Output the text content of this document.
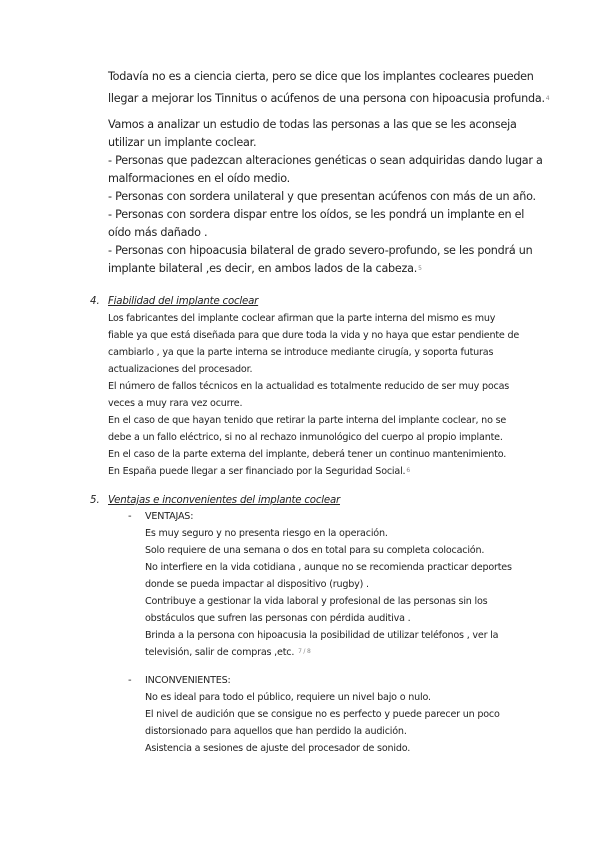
Todavía no es a ciencia cierta, pero se dice que los implantes cocleares pueden
llegar a mejorar los Tinnitus o acúfenos de una persona con hipoacusia profunda.$^4$
Vamos a analizar un estudio de todas las personas a las que se les aconseja
utilizar un implante coclear.
- Personas que padezcan alteraciones genéticas o sean adquiridas dando lugar a
malformaciones en el oído medio.
- Personas con sordera unilateral y que presentan acúfenos con más de un año.
- Personas con sordera dispar entre los oídos, se les pondrá un implante en el
oído más dañado .
- Personas con hipoacusia bilateral de grado severo-profundo, se les pondrá un
implante bilateral ,es decir, en ambos lados de la cabeza.$^5$
4. Fiabilidad del implante coclear
Los fabricantes del implante coclear afirman que la parte interna del mismo es muy
fiable ya que está diseñada para que dure toda la vida y no haya que estar pendiente de
cambiarlo , ya que la parte interna se introduce mediante cirugía, y soporta futuras
actualizaciones del procesador.
El número de fallos técnicos en la actualidad es totalmente reducido de ser muy pocas
veces a muy rara vez ocurre.
En el caso de que hayan tenido que retirar la parte interna del implante coclear, no se
debe a un fallo eléctrico, si no al rechazo inmunológico del cuerpo al propio implante.
En el caso de la parte externa del implante, deberá tener un continuo mantenimiento.
En España puede llegar a ser financiado por la Seguridad Social.$^6$
5. Ventajas e inconvenientes del implante coclear
- VENTAJAS:
Es muy seguro y no presenta riesgo en la operación.
Solo requiere de una semana o dos en total para su completa colocación.
No interfiere en la vida cotidiana , aunque no se recomienda practicar deportes
donde se pueda impactar al dispositivo (rugby) .
Contribuye a gestionar la vida laboral y profesional de las personas sin los
obstáculos que sufren las personas con pérdida auditiva .
Brinda a la persona con hipoacusia la posibilidad de utilizar teléfonos , ver la
televisión, salir de compras ,etc. $^{7 / 8}$
- INCONVENIENTES:
No es ideal para todo el público, requiere un nivel bajo o nulo.
El nivel de audición que se consigue no es perfecto y puede parecer un poco
distorsionado para aquellos que han perdido la audición.
Asistencia a sesiones de ajuste del procesador de sonido.
